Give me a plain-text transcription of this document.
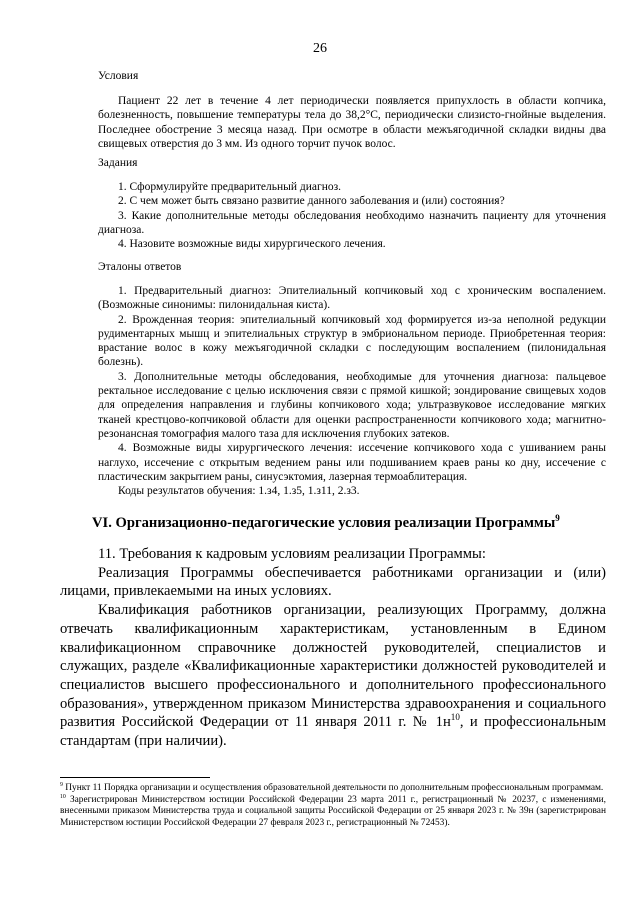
26

Условия

Пациент 22 лет в течение 4 лет периодически появляется припухлость в области копчика, болезненность, повышение температуры тела до 38,2°С, периодически слизисто-гнойные выделения. Последнее обострение 3 месяца назад. При осмотре в области межъягодичной складки видны два свищевых отверстия до 3 мм. Из одного торчит пучок волос.

Задания

1. Сформулируйте предварительный диагноз.

2. С чем может быть связано развитие данного заболевания и (или) состояния?

3. Какие дополнительные методы обследования необходимо назначить пациенту для уточнения диагноза.

4. Назовите возможные виды хирургического лечения.

Эталоны ответов

1. Предварительный диагноз: Эпителиальный копчиковый ход с хроническим воспалением. (Возможные синонимы: пилонидальная киста).

2. Врожденная теория: эпителиальный копчиковый ход формируется из-за неполной редукции рудиментарных мышц и эпителиальных структур в эмбриональном периоде. Приобретенная теория: врастание волос в кожу межъягодичной складки с последующим воспалением (пилонидальная болезнь).

3. Дополнительные методы обследования, необходимые для уточнения диагноза: пальцевое ректальное исследование с целью исключения связи с прямой кишкой; зондирование свищевых ходов для определения направления и глубины копчикового хода; ультразвуковое исследование мягких тканей крестцово-копчиковой области для оценки распространенности копчикового хода; магнитно-резонансная томография малого таза для исключения глубоких затеков.

4. Возможные виды хирургического лечения: иссечение копчикового хода с ушиванием раны наглухо, иссечение с открытым ведением раны или подшиванием краев раны ко дну, иссечение с пластическим закрытием раны, синусэктомия, лазерная термоаблитерация.

Коды результатов обучения: 1.з4, 1.з5, 1.з11, 2.з3.

VI. Организационно-педагогические условия реализации Программы$^9$

11. Требования к кадровым условиям реализации Программы:

Реализация Программы обеспечивается работниками организации и (или) лицами, привлекаемыми на иных условиях.

Квалификация работников организации, реализующих Программу, должна отвечать квалификационным характеристикам, установленным в Едином квалификационном справочнике должностей руководителей, специалистов и служащих, разделе «Квалификационные характеристики должностей руководителей и специалистов высшего профессионального и дополнительного профессионального образования», утвержденном приказом Министерства здравоохранения и социального развития Российской Федерации от 11 января 2011 г. № $1н^{10}$, и профессиональным стандартам (при наличии).

$^9$ Пункт 11 Порядка организации и осуществления образовательной деятельности по дополнительным профессиональным программам.

$^{10}$ Зарегистрирован Министерством юстиции Российской Федерации 23 марта 2011 г., регистрационный № 20237, с изменениями, внесенными приказом Министерства труда и социальной защиты Российской Федерации от 25 января 2023 г. № 39н (зарегистрирован Министерством юстиции Российской Федерации 27 февраля 2023 г., регистрационный № 72453).
